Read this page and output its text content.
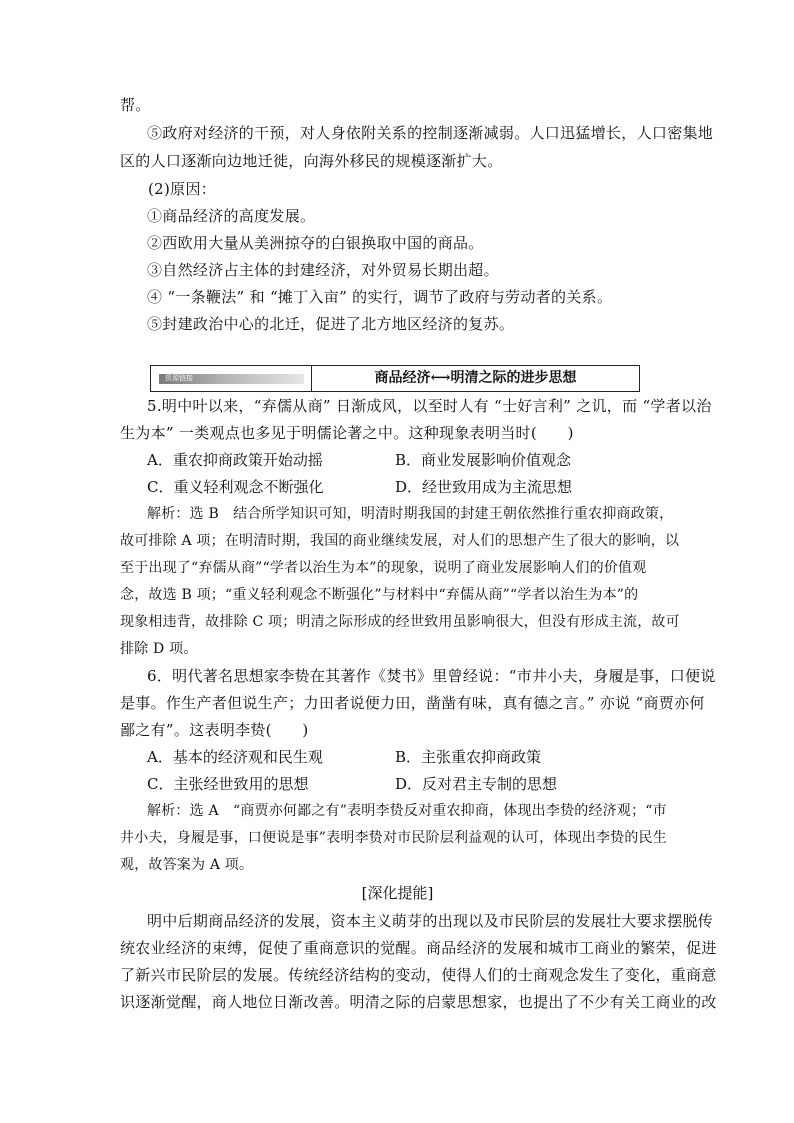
帮。
⑤政府对经济的干预，对人身依附关系的控制逐渐减弱。人口迅猛增长，人口密集地
区的人口逐渐向边地迁徙，向海外移民的规模逐渐扩大。
(2)原因：
①商品经济的高度发展。
②西欧用大量从美洲掠夺的白银换取中国的商品。
③自然经济占主体的封建经济，对外贸易长期出超。
④ “一条鞭法” 和 “摊丁入亩” 的实行，调节了政府与劳动者的关系。
⑤封建政治中心的北迁，促进了北方地区经济的复苏。
资源链接	商品经济⟷明清之际的进步思想
5.明中叶以来，“弃儒从商” 日渐成风，以至时人有 “士好言利” 之讥，而 “学者以治
生为本” 一类观点也多见于明儒论著之中。这种现象表明当时(　　)
A．重农抑商政策开始动摇	B．商业发展影响价值观念
C．重义轻利观念不断强化	D．经世致用成为主流思想
解析：选 B　结合所学知识可知，明清时期我国的封建王朝依然推行重农抑商政策，
故可排除 A 项；在明清时期，我国的商业继续发展，对人们的思想产生了很大的影响，以
至于出现了“弃儒从商”“学者以治生为本”的现象，说明了商业发展影响人们的价值观
念，故选 B 项；“重义轻利观念不断强化”与材料中“弃儒从商”“学者以治生为本”的
现象相违背，故排除 C 项；明清之际形成的经世致用虽影响很大，但没有形成主流，故可
排除 D 项。
6．明代著名思想家李贽在其著作《焚书》里曾经说：“市井小夫，身履是事，口便说
是事。作生产者但说生产；力田者说便力田，凿凿有味，真有德之言。” 亦说 “商贾亦何
鄙之有”。这表明李贽(　　)
A．基本的经济观和民生观	B．主张重农抑商政策
C．主张经世致用的思想	D．反对君主专制的思想
解析：选 A　“商贾亦何鄙之有”表明李贽反对重农抑商，体现出李贽的经济观；“市
井小夫，身履是事，口便说是事”表明李贽对市民阶层利益观的认可，体现出李贽的民生
观，故答案为 A 项。
[深化提能]
明中后期商品经济的发展，资本主义萌芽的出现以及市民阶层的发展壮大要求摆脱传
统农业经济的束缚，促使了重商意识的觉醒。商品经济的发展和城市工商业的繁荣，促进
了新兴市民阶层的发展。传统经济结构的变动，使得人们的士商观念发生了变化，重商意
识逐渐觉醒，商人地位日渐改善。明清之际的启蒙思想家，也提出了不少有关工商业的改
